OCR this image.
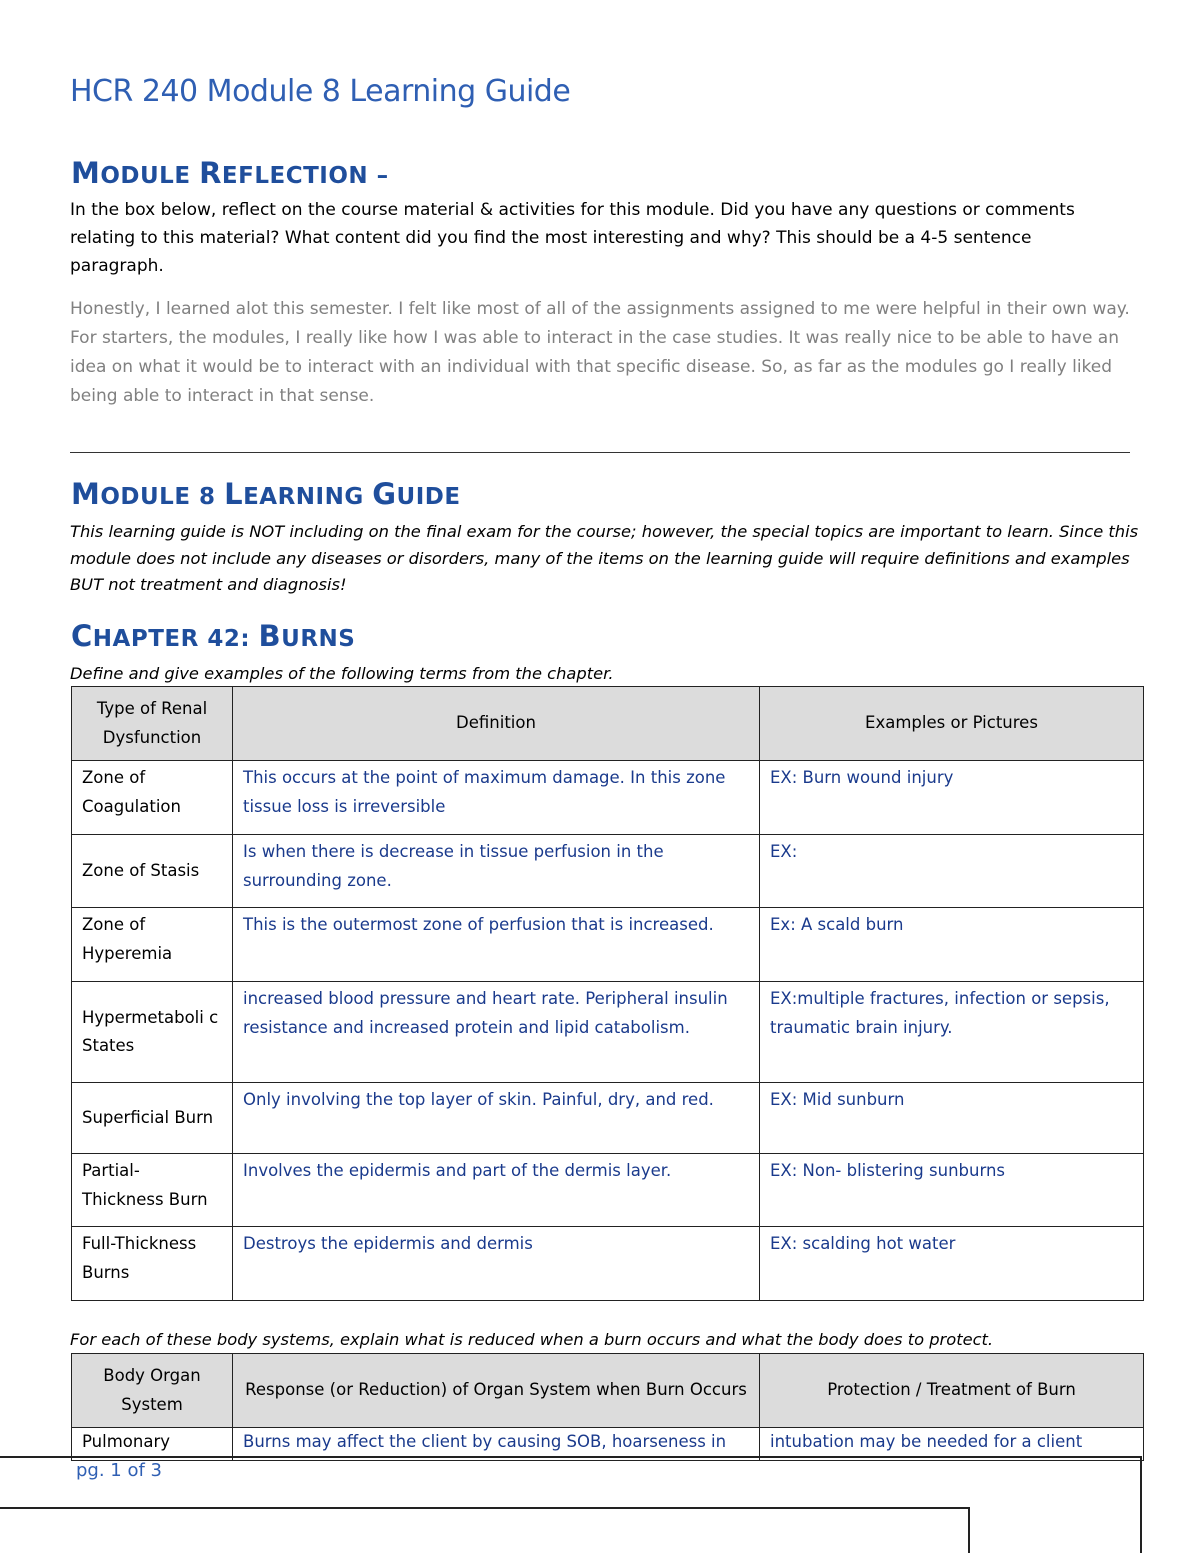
HCR 240 Module 8 Learning Guide
MODULE REFLECTION –
In the box below, reflect on the course material & activities for this module. Did you have any questions or comments relating to this material? What content did you find the most interesting and why? This should be a 4-5 sentence paragraph.
Honestly, I learned alot this semester. I felt like most of all of the assignments assigned to me were helpful in their own way. For starters, the modules, I really like how I was able to interact in the case studies. It was really nice to be able to have an idea on what it would be to interact with an individual with that specific disease. So, as far as the modules go I really liked being able to interact in that sense.
MODULE 8 LEARNING GUIDE
This learning guide is NOT including on the final exam for the course; however, the special topics are important to learn. Since this module does not include any diseases or disorders, many of the items on the learning guide will require definitions and examples BUT not treatment and diagnosis!
CHAPTER 42: BURNS
Define and give examples of the following terms from the chapter.
Type of Renal Dysfunction	Definition	Examples or Pictures
Zone of Coagulation	This occurs at the point of maximum damage. In this zone tissue loss is irreversible	EX: Burn wound injury
Zone of Stasis	Is when there is decrease in tissue perfusion in the surrounding zone.	EX:
Zone of Hyperemia	This is the outermost zone of perfusion that is increased.	Ex: A scald burn
Hypermetaboli c States	increased blood pressure and heart rate. Peripheral insulin resistance and increased protein and lipid catabolism.	EX:multiple fractures, infection or sepsis, traumatic brain injury.
Superficial Burn	Only involving the top layer of skin. Painful, dry, and red.	EX: Mid sunburn
Partial- Thickness Burn	Involves the epidermis and part of the dermis layer.	EX: Non- blistering sunburns
Full-Thickness Burns	Destroys the epidermis and dermis	EX: scalding hot water
For each of these body systems, explain what is reduced when a burn occurs and what the body does to protect.
Body Organ System	Response (or Reduction) of Organ System when Burn Occurs	Protection / Treatment of Burn
Pulmonary	Burns may affect the client by causing SOB, hoarseness in	intubation may be needed for a client
pg. 1 of 3
